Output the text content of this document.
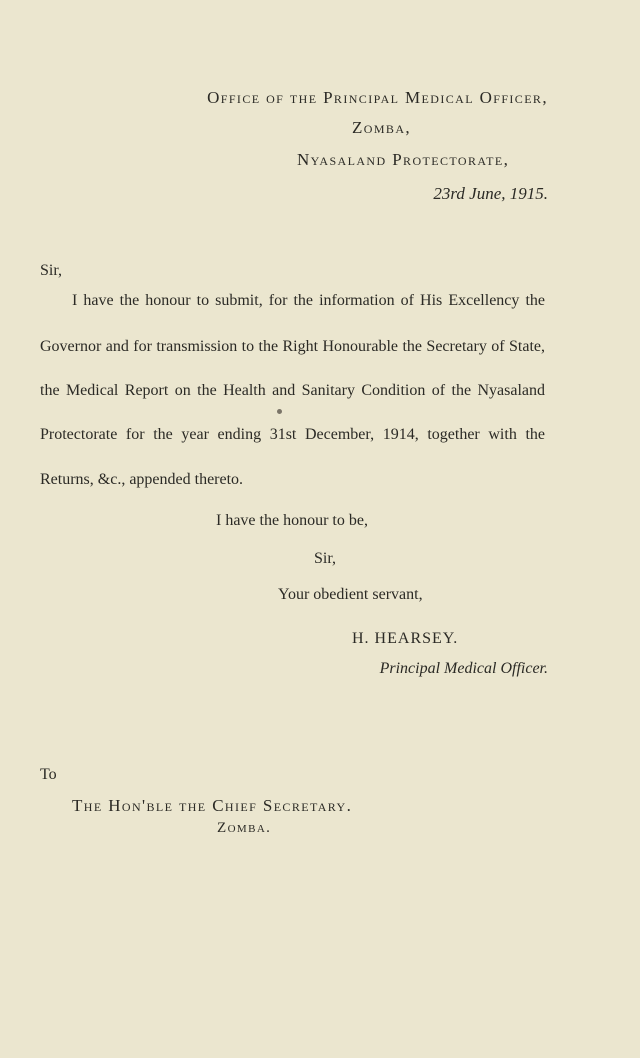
Office of the Principal Medical Officer,
Zomba,
Nyasaland Protectorate,
23rd June, 1915.
Sir,
I have the honour to submit, for the information of His Excellency the
Governor and for transmission to the Right Honourable the Secretary of State,
the Medical Report on the Health and Sanitary Condition of the Nyasaland
Protectorate for the year ending 31st December, 1914, together with the
Returns, &c., appended thereto.
I have the honour to be,
Sir,
Your obedient servant,
H. HEARSEY.
Principal Medical Officer.
To
The Hon'ble the Chief Secretary.
Zomba.
